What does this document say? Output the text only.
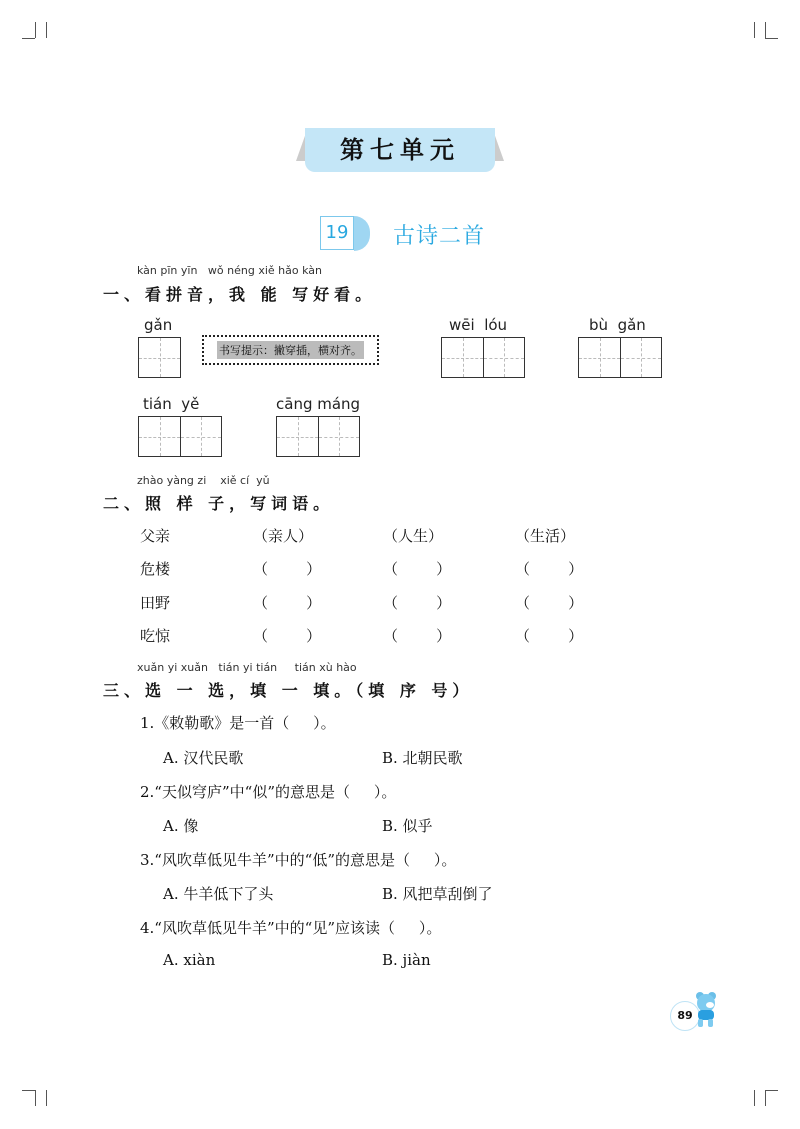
第七单元
19 古诗二首
kàn pīn yīn   wǒ néng xiě hǎo kàn
一、看拼音，我 能 写好看。
gǎn
书写提示：撇穿插，横对齐。
wēi  lóu	bù  gǎn
tián  yě	cāng máng
zhào yàng zi    xiě cí  yǔ
二、照 样 子，写词语。
父亲	（亲人）	（人生）	（生活）
危楼	（        ）	（        ）	（        ）
田野	（        ）	（        ）	（        ）
吃惊	（        ）	（        ）	（        ）
xuǎn yi xuǎn   tián yi tián     tián xù hào
三、选 一 选，填 一 填。（填 序 号）
1.《敕勒歌》是一首（     ）。
A. 汉代民歌	B. 北朝民歌
2.“天似穹庐”中“似”的意思是（     ）。
A. 像	B. 似乎
3.“风吹草低见牛羊”中的“低”的意思是（     ）。
A. 牛羊低下了头	B. 风把草刮倒了
4.“风吹草低见牛羊”中的“见”应该读（     ）。
A. xiàn	B. jiàn
89
